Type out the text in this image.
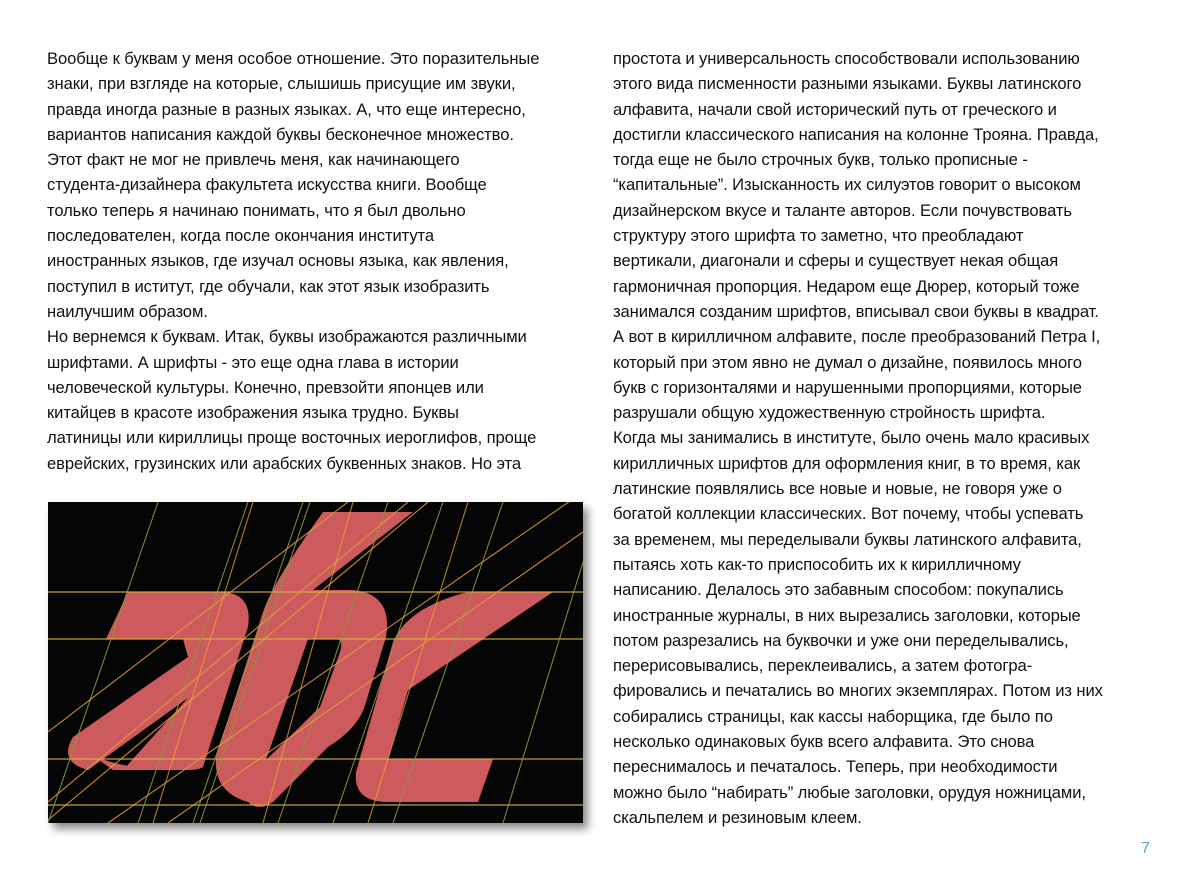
Вообще к буквам у меня особое отношение. Это поразительные
знаки, при взгляде на которые, слышишь присущие им звуки,
правда иногда разные в разных языках. А, что еще интересно,
вариантов написания каждой буквы бесконечное множество.
Этот факт не мог не привлечь меня, как начинающего
студента-дизайнера факультета искусства книги. Вообще
только теперь я начинаю понимать, что я был двольно
последователен, когда после окончания института
иностранных языков, где изучал основы языка, как явления,
поступил в иститут, где обучали, как этот язык изобразить
наилучшим образом.
Но вернемся к буквам. Итак, буквы изображаются различными
шрифтами. А шрифты - это еще одна глава в истории
человеческой культуры. Конечно, превзойти японцев или
китайцев в красоте изображения языка трудно. Буквы
латиницы или кириллицы проще восточных иероглифов, проще
еврейских, грузинских или арабских буквенных знаков. Но эта
простота и универсальность способствовали использованию
этого вида писменности разными языками. Буквы латинского
алфавита, начали свой исторический путь от греческого и
достигли классического написания на колонне Трояна. Правда,
тогда еще не было строчных букв, только прописные -
“капитальные”. Изысканность их силуэтов говорит о высоком
дизайнерском вкусе и таланте авторов. Если почувствовать
структуру этого шрифта то заметно, что преобладают
вертикали, диагонали и сферы и существует некая общая
гармоничная пропорция. Недаром еще Дюрер, который тоже
занимался созданим шрифтов, вписывал свои буквы в квадрат.
А вот в кирилличном алфавите, после преобразований Петра I,
который при этом явно не думал о дизайне, появилось много
букв с горизонталями и нарушенными пропорциями, которые
разрушали общую художественную стройность шрифта.
Когда мы занимались в институте, было очень мало красивых
кирилличных шрифтов для оформления книг, в то время, как
латинские появлялись все новые и новые, не говоря уже о
богатой коллекции классических. Вот почему, чтобы успевать
за временем, мы переделывали буквы латинского алфавита,
пытаясь хоть как-то приспособить их к кирилличному
написанию. Делалось это забавным способом: покупались
иностранные журналы, в них вырезались заголовки, которые
потом разрезались на буквочки и уже они переделывались,
перерисовывались, переклеивались, а затем фотогра-
фировались и печатались во многих экземплярах. Потом из них
собирались страницы, как кассы наборщика, где было по
несколько одинаковых букв всего алфавита. Это снова
переснималось и печаталось. Теперь, при необходимости
можно было “набирать” любые заголовки, орудуя ножницами,
скальпелем и резиновым клеем.
7
